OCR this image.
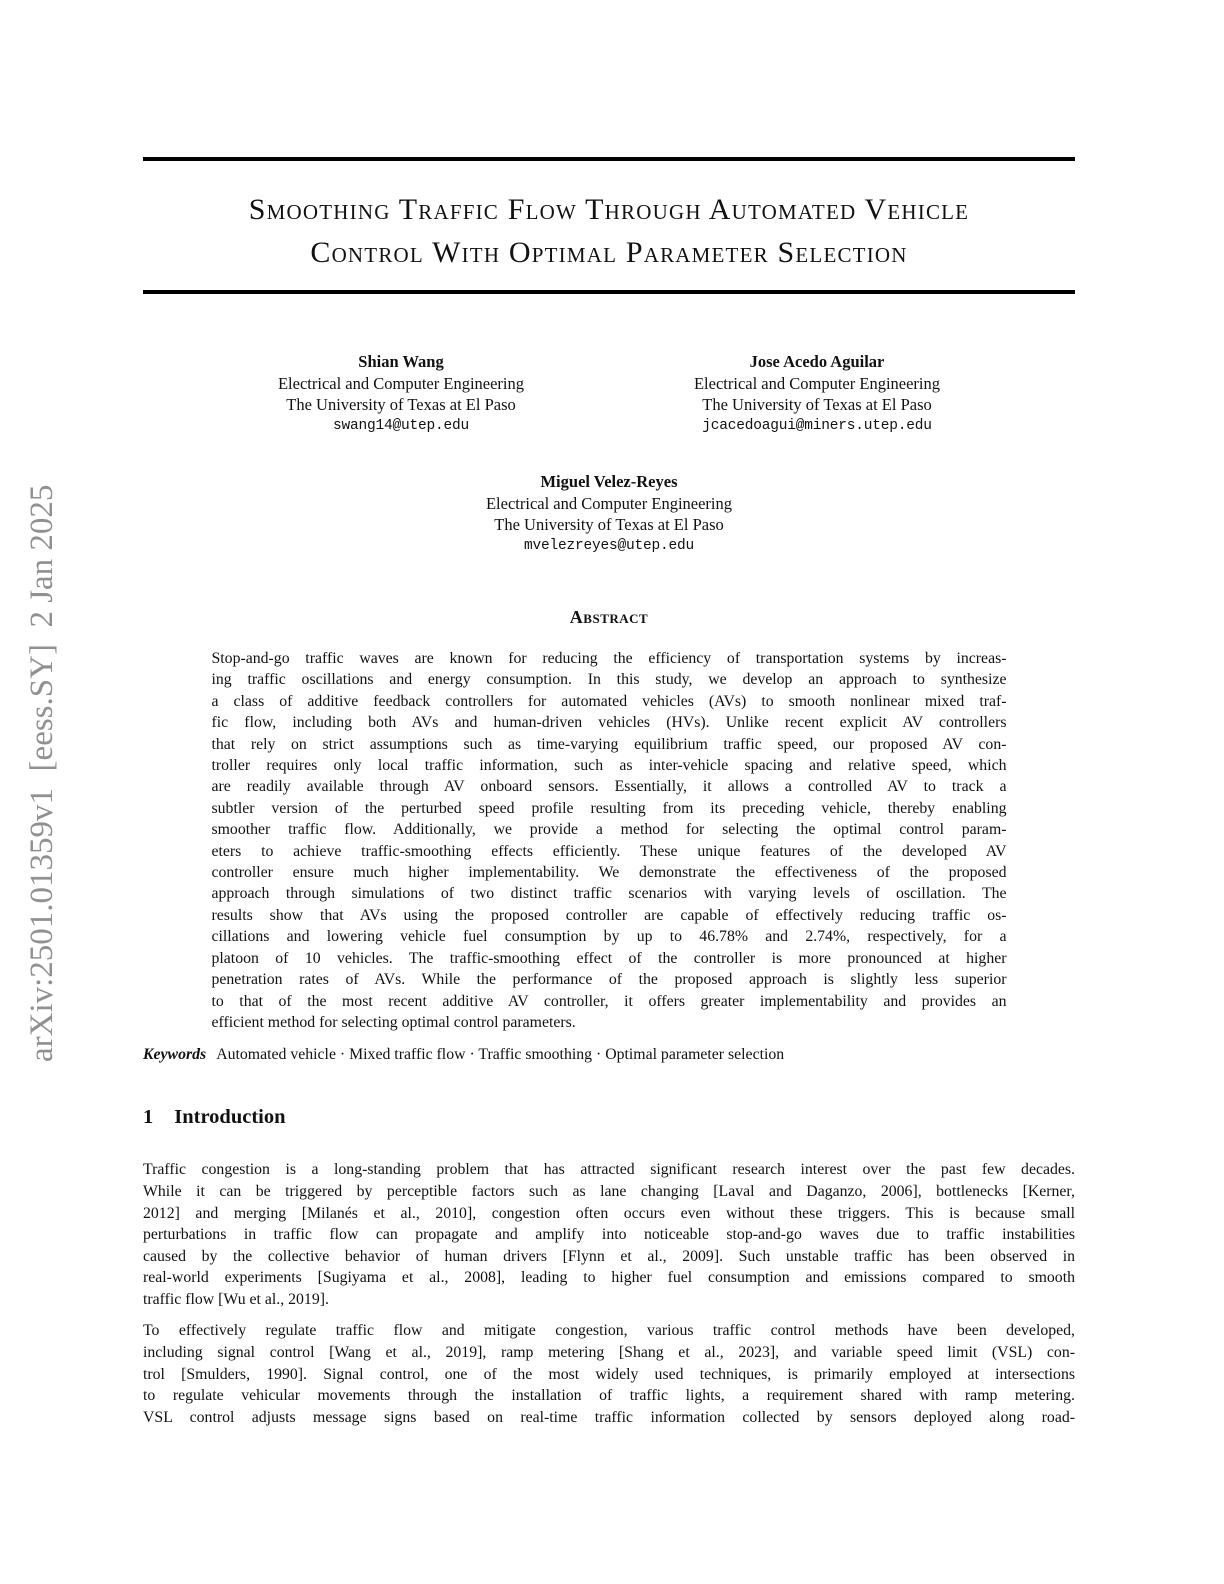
arXiv:2501.01359v1  [eess.SY]  2 Jan 2025
Smoothing Traffic Flow Through Automated Vehicle
Control With Optimal Parameter Selection
Shian Wang
Electrical and Computer Engineering
The University of Texas at El Paso
swang14@utep.edu
Jose Acedo Aguilar
Electrical and Computer Engineering
The University of Texas at El Paso
jcacedoagui@miners.utep.edu
Miguel Velez-Reyes
Electrical and Computer Engineering
The University of Texas at El Paso
mvelezreyes@utep.edu
Abstract
Stop-and-go traffic waves are known for reducing the efficiency of transportation systems by increas-
ing traffic oscillations and energy consumption. In this study, we develop an approach to synthesize
a class of additive feedback controllers for automated vehicles (AVs) to smooth nonlinear mixed traf-
fic flow, including both AVs and human-driven vehicles (HVs). Unlike recent explicit AV controllers
that rely on strict assumptions such as time-varying equilibrium traffic speed, our proposed AV con-
troller requires only local traffic information, such as inter-vehicle spacing and relative speed, which
are readily available through AV onboard sensors. Essentially, it allows a controlled AV to track a
subtler version of the perturbed speed profile resulting from its preceding vehicle, thereby enabling
smoother traffic flow. Additionally, we provide a method for selecting the optimal control param-
eters to achieve traffic-smoothing effects efficiently. These unique features of the developed AV
controller ensure much higher implementability. We demonstrate the effectiveness of the proposed
approach through simulations of two distinct traffic scenarios with varying levels of oscillation. The
results show that AVs using the proposed controller are capable of effectively reducing traffic os-
cillations and lowering vehicle fuel consumption by up to 46.78% and 2.74%, respectively, for a
platoon of 10 vehicles. The traffic-smoothing effect of the controller is more pronounced at higher
penetration rates of AVs. While the performance of the proposed approach is slightly less superior
to that of the most recent additive AV controller, it offers greater implementability and provides an
efficient method for selecting optimal control parameters.
Keywords Automated vehicle · Mixed traffic flow · Traffic smoothing · Optimal parameter selection
1 Introduction
Traffic congestion is a long-standing problem that has attracted significant research interest over the past few decades.
While it can be triggered by perceptible factors such as lane changing [Laval and Daganzo, 2006], bottlenecks [Kerner,
2012] and merging [Milanés et al., 2010], congestion often occurs even without these triggers. This is because small
perturbations in traffic flow can propagate and amplify into noticeable stop-and-go waves due to traffic instabilities
caused by the collective behavior of human drivers [Flynn et al., 2009]. Such unstable traffic has been observed in
real-world experiments [Sugiyama et al., 2008], leading to higher fuel consumption and emissions compared to smooth
traffic flow [Wu et al., 2019].
To effectively regulate traffic flow and mitigate congestion, various traffic control methods have been developed,
including signal control [Wang et al., 2019], ramp metering [Shang et al., 2023], and variable speed limit (VSL) con-
trol [Smulders, 1990]. Signal control, one of the most widely used techniques, is primarily employed at intersections
to regulate vehicular movements through the installation of traffic lights, a requirement shared with ramp metering.
VSL control adjusts message signs based on real-time traffic information collected by sensors deployed along road-
